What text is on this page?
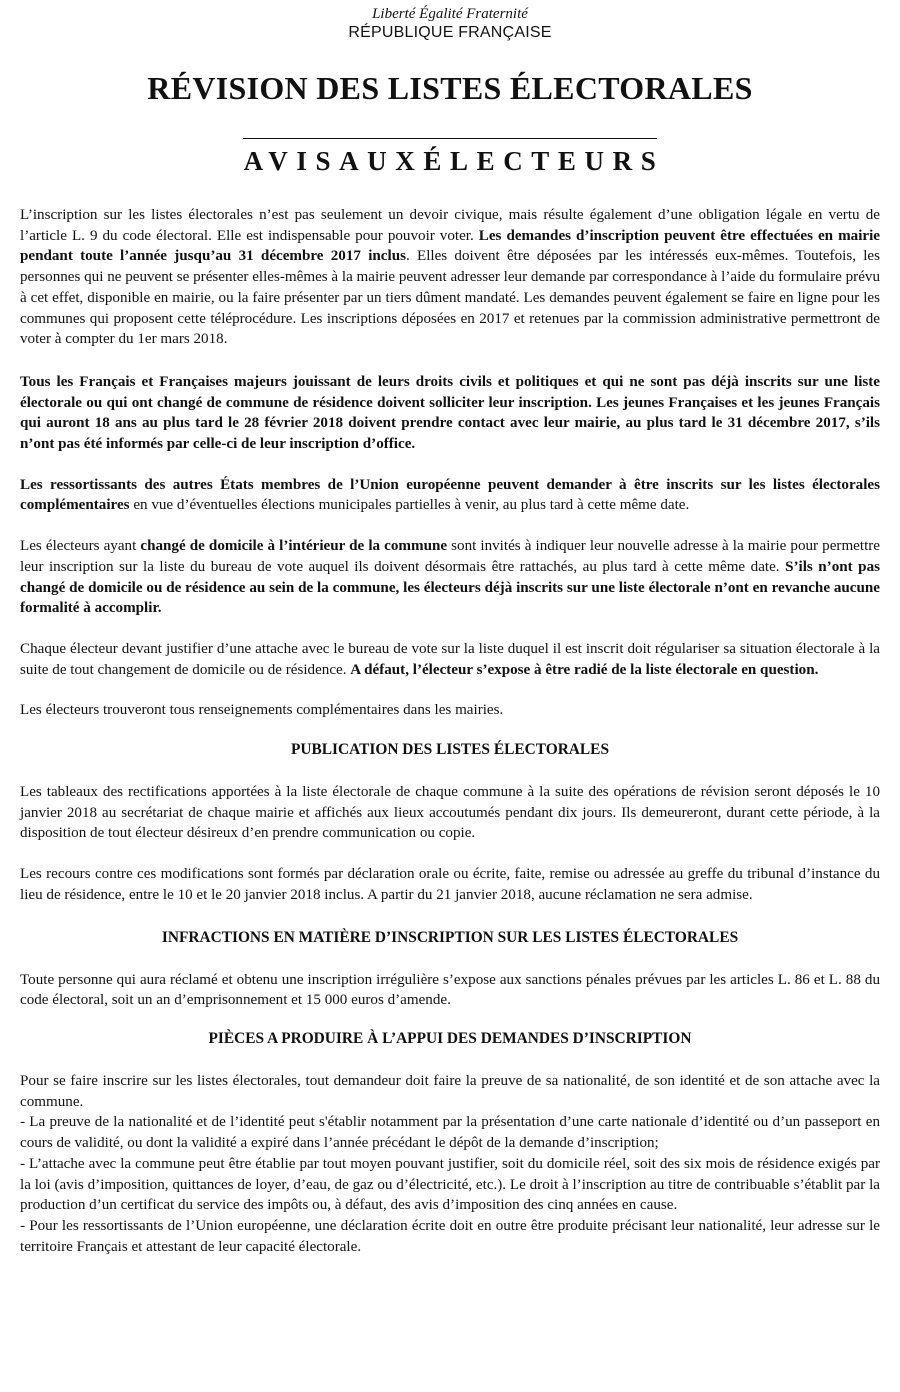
Liberté Égalité Fraternité
RÉPUBLIQUE FRANÇAISE
RÉVISION DES LISTES ÉLECTORALES
AVISAUXÉLECTEURS

L’inscription sur les listes électorales n’est pas seulement un devoir civique, mais résulte également d’une obligation légale en vertu de l’article L. 9 du code électoral. Elle est indispensable pour pouvoir voter. Les demandes d’inscription peuvent être effectuées en mairie pendant toute l’année jusqu’au 31 décembre 2017 inclus. Elles doivent être déposées par les intéressés eux-mêmes. Toutefois, les personnes qui ne peuvent se présenter elles-mêmes à la mairie peuvent adresser leur demande par correspondance à l’aide du formulaire prévu à cet effet, disponible en mairie, ou la faire présenter par un tiers dûment mandaté. Les demandes peuvent également se faire en ligne pour les communes qui proposent cette téléprocédure. Les inscriptions déposées en 2017 et retenues par la commission administrative permettront de voter à compter du 1er mars 2018.

Tous les Français et Françaises majeurs jouissant de leurs droits civils et politiques et qui ne sont pas déjà inscrits sur une liste électorale ou qui ont changé de commune de résidence doivent solliciter leur inscription. Les jeunes Françaises et les jeunes Français qui auront 18 ans au plus tard le 28 février 2018 doivent prendre contact avec leur mairie, au plus tard le 31 décembre 2017, s’ils n’ont pas été informés par celle-ci de leur inscription d’office.

Les ressortissants des autres États membres de l’Union européenne peuvent demander à être inscrits sur les listes électorales complémentaires en vue d’éventuelles élections municipales partielles à venir, au plus tard à cette même date.

Les électeurs ayant changé de domicile à l’intérieur de la commune sont invités à indiquer leur nouvelle adresse à la mairie pour permettre leur inscription sur la liste du bureau de vote auquel ils doivent désormais être rattachés, au plus tard à cette même date. S’ils n’ont pas changé de domicile ou de résidence au sein de la commune, les électeurs déjà inscrits sur une liste électorale n’ont en revanche aucune formalité à accomplir.

Chaque électeur devant justifier d’une attache avec le bureau de vote sur la liste duquel il est inscrit doit régulariser sa situation électorale à la suite de tout changement de domicile ou de résidence. A défaut, l’électeur s’expose à être radié de la liste électorale en question.

Les électeurs trouveront tous renseignements complémentaires dans les mairies.

PUBLICATION DES LISTES ÉLECTORALES

Les tableaux des rectifications apportées à la liste électorale de chaque commune à la suite des opérations de révision seront déposés le 10 janvier 2018 au secrétariat de chaque mairie et affichés aux lieux accoutumés pendant dix jours. Ils demeureront, durant cette période, à la disposition de tout électeur désireux d’en prendre communication ou copie.

Les recours contre ces modifications sont formés par déclaration orale ou écrite, faite, remise ou adressée au greffe du tribunal d’instance du lieu de résidence, entre le 10 et le 20 janvier 2018 inclus. A partir du 21 janvier 2018, aucune réclamation ne sera admise.

INFRACTIONS EN MATIÈRE D’INSCRIPTION SUR LES LISTES ÉLECTORALES

Toute personne qui aura réclamé et obtenu une inscription irrégulière s’expose aux sanctions pénales prévues par les articles L. 86 et L. 88 du code électoral, soit un an d’emprisonnement et 15 000 euros d’amende.

PIÈCES A PRODUIRE À L’APPUI DES DEMANDES D’INSCRIPTION

Pour se faire inscrire sur les listes électorales, tout demandeur doit faire la preuve de sa nationalité, de son identité et de son attache avec la commune.

- La preuve de la nationalité et de l’identité peut s'établir notamment par la présentation d’une carte nationale d’identité ou d’un passeport en cours de validité, ou dont la validité a expiré dans l’année précédant le dépôt de la demande d’inscription;

- L’attache avec la commune peut être établie par tout moyen pouvant justifier, soit du domicile réel, soit des six mois de résidence exigés par la loi (avis d’imposition, quittances de loyer, d’eau, de gaz ou d’électricité, etc.). Le droit à l’inscription au titre de contribuable s’établit par la production d’un certificat du service des impôts ou, à défaut, des avis d’imposition des cinq années en cause.

- Pour les ressortissants de l’Union européenne, une déclaration écrite doit en outre être produite précisant leur nationalité, leur adresse sur le territoire Français et attestant de leur capacité électorale.
